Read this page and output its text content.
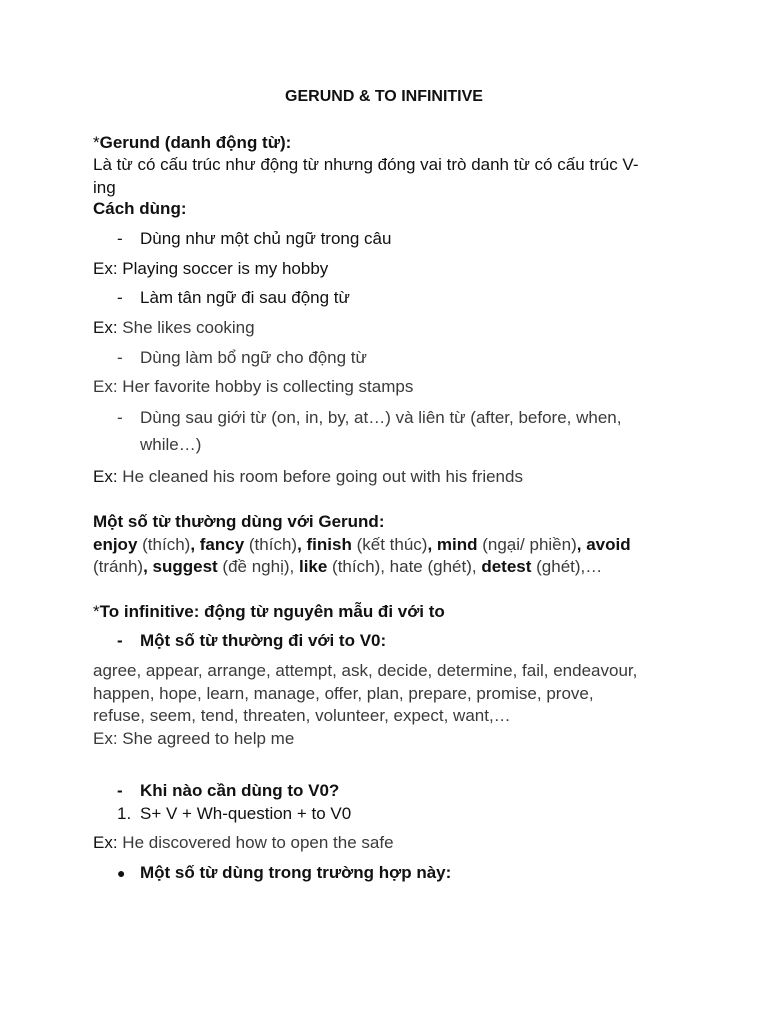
GERUND & TO INFINITIVE
*Gerund (danh động từ):
Là từ có cấu trúc như động từ nhưng đóng vai trò danh từ có cấu trúc V-
ing
Cách dùng:
- Dùng như một chủ ngữ trong câu
Ex: Playing soccer is my hobby
- Làm tân ngữ đi sau động từ
Ex: She likes cooking
- Dùng làm bổ ngữ cho động từ
Ex: Her favorite hobby is collecting stamps
- Dùng sau giới từ (on, in, by, at…) và liên từ (after, before, when,
while…)
Ex: He cleaned his room before going out with his friends
Một số từ thường dùng với Gerund:
enjoy (thích), fancy (thích), finish (kết thúc), mind (ngại/ phiền), avoid
(tránh), suggest (đề nghị), like (thích), hate (ghét), detest (ghét),…
*To infinitive: động từ nguyên mẫu đi với to
- Một số từ thường đi với to V0:
agree, appear, arrange, attempt, ask, decide, determine, fail, endeavour,
happen, hope, learn, manage, offer, plan, prepare, promise, prove,
refuse, seem, tend, threaten, volunteer, expect, want,…
Ex: She agreed to help me
- Khi nào cần dùng to V0?
1. S+ V + Wh-question + to V0
Ex: He discovered how to open the safe
● Một số từ dùng trong trường hợp này:
